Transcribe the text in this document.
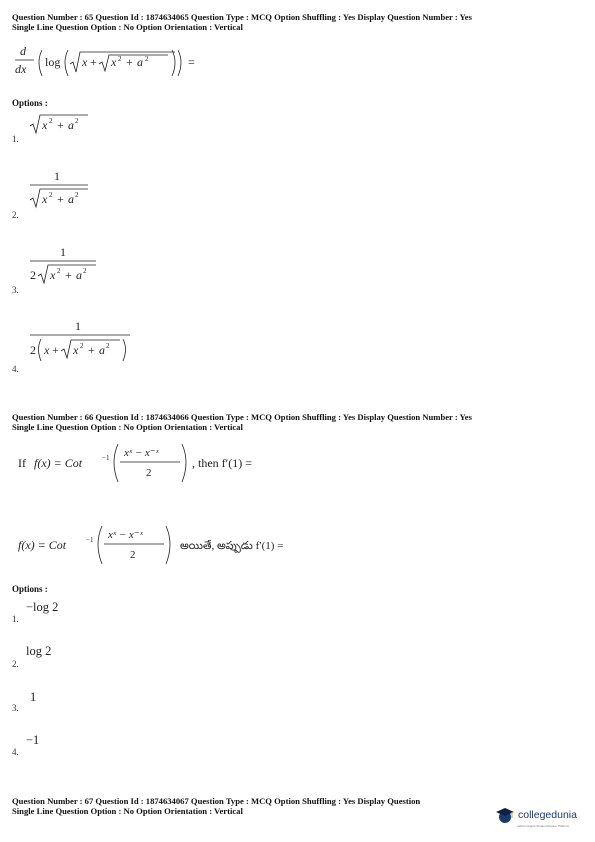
Question Number : 65 Question Id : 1874634065 Question Type : MCQ Option Shuffling : Yes Display Question Number : Yes
Single Line Question Option : No Option Orientation : Vertical
d
dx log x + x 2 + a 2	=
Options :
x 2 + a 2
1.
1
x 2 + a 2
2.
1
2 x 2 + a 2
3.
1
2 x + x 2 + a 2
4.
Question Number : 66 Question Id : 1874634066 Question Type : MCQ Option Shuffling : Yes Display Question Number : Yes
Single Line Question Option : No Option Orientation : Vertical
If f(x) = Cot	−1 xˣ − x⁻ˣ
2
, then f′(1) =
f(x) = Cot	−1 xˣ − x⁻ˣ
2
అయితే, అప్పుడు f′(1) =
Options :
−log 2
1.
log 2
2.
1
3.
−1
4.
Question Number : 67 Question Id : 1874634067 Question Type : MCQ Option Shuffling : Yes Display Question
Single Line Question Option : No Option Orientation : Vertical	collegedunia
India's largest Student Review Platform
